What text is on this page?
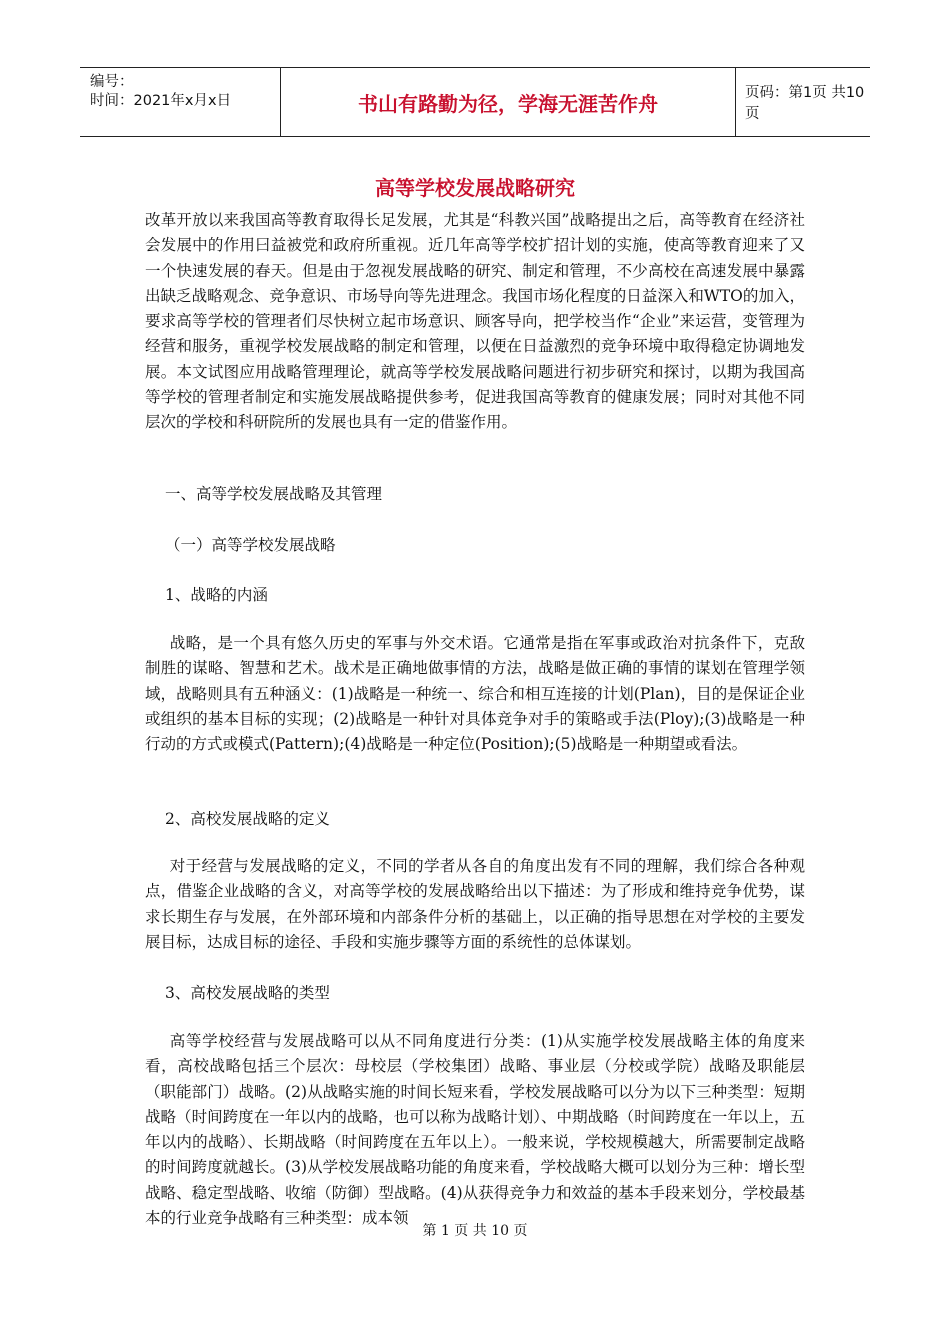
编号：
时间：2021年x月x日	书山有路勤为径，学海无涯苦作舟	页码：第1页 共10页
高等学校发展战略研究

改革开放以来我国高等教育取得长足发展，尤其是“科教兴国”战略提出之后，高等教育在经济社会发展中的作用曰益被党和政府所重视。近几年高等学校扩招计划的实施，使高等教育迎来了又一个快速发展的春天。但是由于忽视发展战略的研究、制定和管理，不少高校在高速发展中暴露出缺乏战略观念、竞争意识、市场导向等先进理念。我国市场化程度的日益深入和WTO的加入，要求高等学校的管理者们尽快树立起市场意识、顾客导向，把学校当作“企业”来运营，变管理为经营和服务，重视学校发展战略的制定和管理，以便在日益激烈的竞争环境中取得稳定协调地发展。本文试图应用战略管理理论，就高等学校发展战略问题进行初步研究和探讨，以期为我国高等学校的管理者制定和实施发展战略提供参考，促进我国高等教育的健康发展；同时对其他不同层次的学校和科研院所的发展也具有一定的借鉴作用。

一、高等学校发展战略及其管理

（一）高等学校发展战略

1、战略的内涵

战略，是一个具有悠久历史的军事与外交术语。它通常是指在军事或政治对抗条件下，克敌制胜的谋略、智慧和艺术。战术是正确地做事情的方法，战略是做正确的事情的谋划在管理学领域，战略则具有五种涵义：(1)战略是一种统一、综合和相互连接的计划(Plan)，目的是保证企业或组织的基本目标的实现；(2)战略是一种针对具体竞争对手的策略或手法(Ploy);(3)战略是一种行动的方式或模式(Pattern);(4)战略是一种定位(Position);(5)战略是一种期望或看法。

2、高校发展战略的定义

对于经营与发展战略的定义，不同的学者从各自的角度出发有不同的理解，我们综合各种观点，借鉴企业战略的含义，对高等学校的发展战略给出以下描述：为了形成和维持竞争优势，谋求长期生存与发展，在外部环境和内部条件分析的基础上，以正确的指导思想在对学校的主要发展目标，达成目标的途径、手段和实施步骤等方面的系统性的总体谋划。

3、高校发展战略的类型

高等学校经营与发展战略可以从不同角度进行分类：(1)从实施学校发展战略主体的角度来看，高校战略包括三个层次：母校层（学校集团）战略、事业层（分校或学院）战略及职能层（职能部门）战略。(2)从战略实施的时间长短来看，学校发展战略可以分为以下三种类型：短期战略（时间跨度在一年以内的战略，也可以称为战略计划）、中期战略（时间跨度在一年以上，五年以内的战略）、长期战略（时间跨度在五年以上）。一般来说，学校规模越大，所需要制定战略的时间跨度就越长。(3)从学校发展战略功能的角度来看，学校战略大概可以划分为三种：增长型战略、稳定型战略、收缩（防御）型战略。(4)从获得竞争力和效益的基本手段来划分，学校最基本的行业竞争战略有三种类型：成本领

第 1 页 共 10 页
